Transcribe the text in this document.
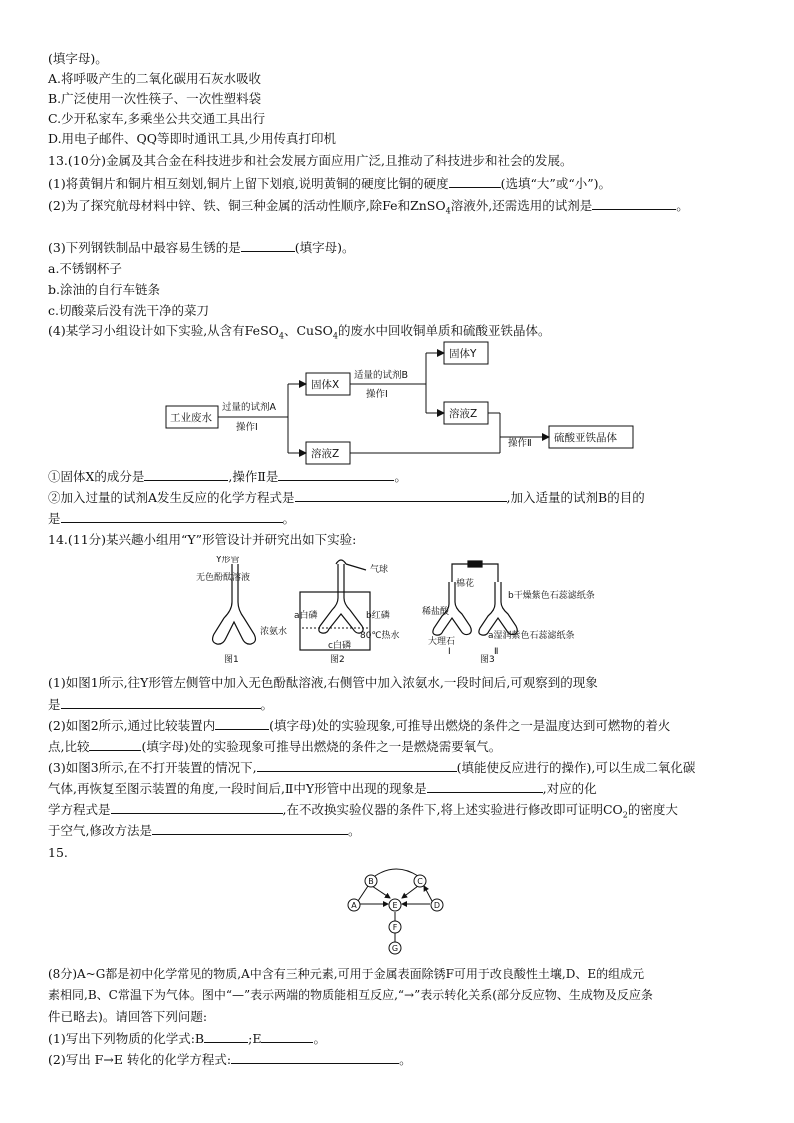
(填字母)。
A.将呼吸产生的二氧化碳用石灰水吸收
B.广泛使用一次性筷子、一次性塑料袋
C.少开私家车,多乘坐公共交通工具出行
D.用电子邮件、QQ等即时通讯工具,少用传真打印机
13.(10分)金属及其合金在科技进步和社会发展方面应用广泛,且推动了科技进步和社会的发展。
(1)将黄铜片和铜片相互刻划,铜片上留下划痕,说明黄铜的硬度比铜的硬度	(选填“大”或“小”)。
(2)为了探究航母材料中锌、铁、铜三种金属的活动性顺序,除Fe和ZnSO$_4$溶液外,还需选用的试剂是	。
(3)下列钢铁制品中最容易生锈的是	(填字母)。
a.不锈钢杯子
b.涂油的自行车链条
c.切酸菜后没有洗干净的菜刀
(4)某学习小组设计如下实验,从含有FeSO$_4$、CuSO$_4$的废水中回收铜单质和硫酸亚铁晶体。
工业废水
过量的试剂A
操作Ⅰ
固体X
溶液Z
适量的试剂B
操作Ⅰ
固体Y
溶液Z
操作Ⅱ 硫酸亚铁晶体
①固体X的成分是	,操作Ⅱ是	。
②加入过量的试剂A发生反应的化学方程式是	,加入适量的试剂B的目的
是	。
14.(11分)某兴趣小组用“Y”形管设计并研究出如下实验:
Y形管
无色酚酞溶液
浓氨水
图1
气球
a白磷	b红磷
80℃热水
c白磷
图2
棉花
稀盐酸
大理石
b干燥紫色石蕊滤纸条
a湿润紫色石蕊滤纸条
Ⅰ	Ⅱ
图3
(1)如图1所示,往Y形管左侧管中加入无色酚酞溶液,右侧管中加入浓氨水,一段时间后,可观察到的现象
是	。
(2)如图2所示,通过比较装置内	(填字母)处的实验现象,可推导出燃烧的条件之一是温度达到可燃物的着火
点,比较	(填字母)处的实验现象可推导出燃烧的条件之一是燃烧需要氧气。
(3)如图3所示,在不打开装置的情况下,	(填能使反应进行的操作),可以生成二氧化碳
气体,再恢复至图示装置的角度,一段时间后,Ⅱ中Y形管中出现的现象是	,对应的化
学方程式是	,在不改换实验仪器的条件下,将上述实验进行修改即可证明$CO_2$的密度大
于空气,修改方法是	。
15.
A
B	C
D
E
F
G
(8分)A~G都是初中化学常见的物质,A中含有三种元素,可用于金属表面除锈F可用于改良酸性土壤,D、E的组成元
素相同,B、C常温下为气体。图中“—”表示两端的物质能相互反应,“→”表示转化关系(部分反应物、生成物及反应条
件已略去)。请回答下列问题:
(1)写出下列物质的化学式:B	;E	。
(2)写出 F→E 转化的化学方程式:	。
